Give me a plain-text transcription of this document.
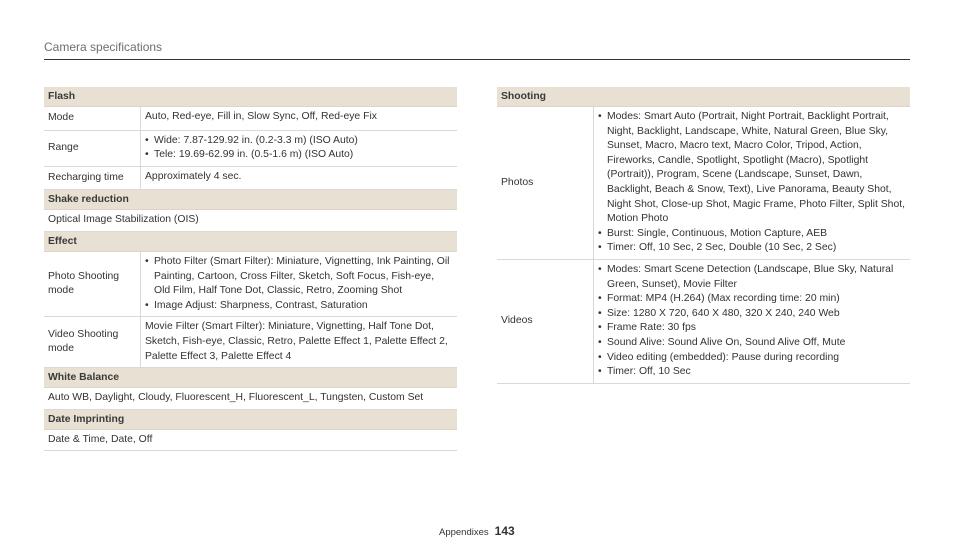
Camera specifications
Flash
Mode	Auto, Red-eye, Fill in, Slow Sync, Off, Red-eye Fix
Range
• Wide: 7.87-129.92 in. (0.2-3.3 m) (ISO Auto)
• Tele: 19.69-62.99 in. (0.5-1.6 m) (ISO Auto)
Recharging time	Approximately 4 sec.
Shake reduction
Optical Image Stabilization (OIS)
Effect
Photo Shooting mode
• Photo Filter (Smart Filter): Miniature, Vignetting, Ink Painting, Oil Painting, Cartoon, Cross Filter, Sketch, Soft Focus, Fish-eye, Old Film, Half Tone Dot, Classic, Retro, Zooming Shot
• Image Adjust: Sharpness, Contrast, Saturation
Video Shooting mode
Movie Filter (Smart Filter): Miniature, Vignetting, Half Tone Dot, Sketch, Fish-eye, Classic, Retro, Palette Effect 1, Palette Effect 2, Palette Effect 3, Palette Effect 4
White Balance
Auto WB, Daylight, Cloudy, Fluorescent_H, Fluorescent_L, Tungsten, Custom Set
Date Imprinting
Date & Time, Date, Off
Shooting
Photos
• Modes: Smart Auto (Portrait, Night Portrait, Backlight Portrait, Night, Backlight, Landscape, White, Natural Green, Blue Sky, Sunset, Macro, Macro text, Macro Color, Tripod, Action, Fireworks, Candle, Spotlight, Spotlight (Macro), Spotlight (Portrait)), Program, Scene (Landscape, Sunset, Dawn, Backlight, Beach & Snow, Text), Live Panorama, Beauty Shot, Night Shot, Close-up Shot, Magic Frame, Photo Filter, Split Shot, Motion Photo
• Burst: Single, Continuous, Motion Capture, AEB
• Timer: Off, 10 Sec, 2 Sec, Double (10 Sec, 2 Sec)
Videos
• Modes: Smart Scene Detection (Landscape, Blue Sky, Natural Green, Sunset), Movie Filter
• Format: MP4 (H.264) (Max recording time: 20 min)
• Size: 1280 X 720, 640 X 480, 320 X 240, 240 Web
• Frame Rate: 30 fps
• Sound Alive: Sound Alive On, Sound Alive Off, Mute
• Video editing (embedded): Pause during recording
• Timer: Off, 10 Sec
Appendixes 143
